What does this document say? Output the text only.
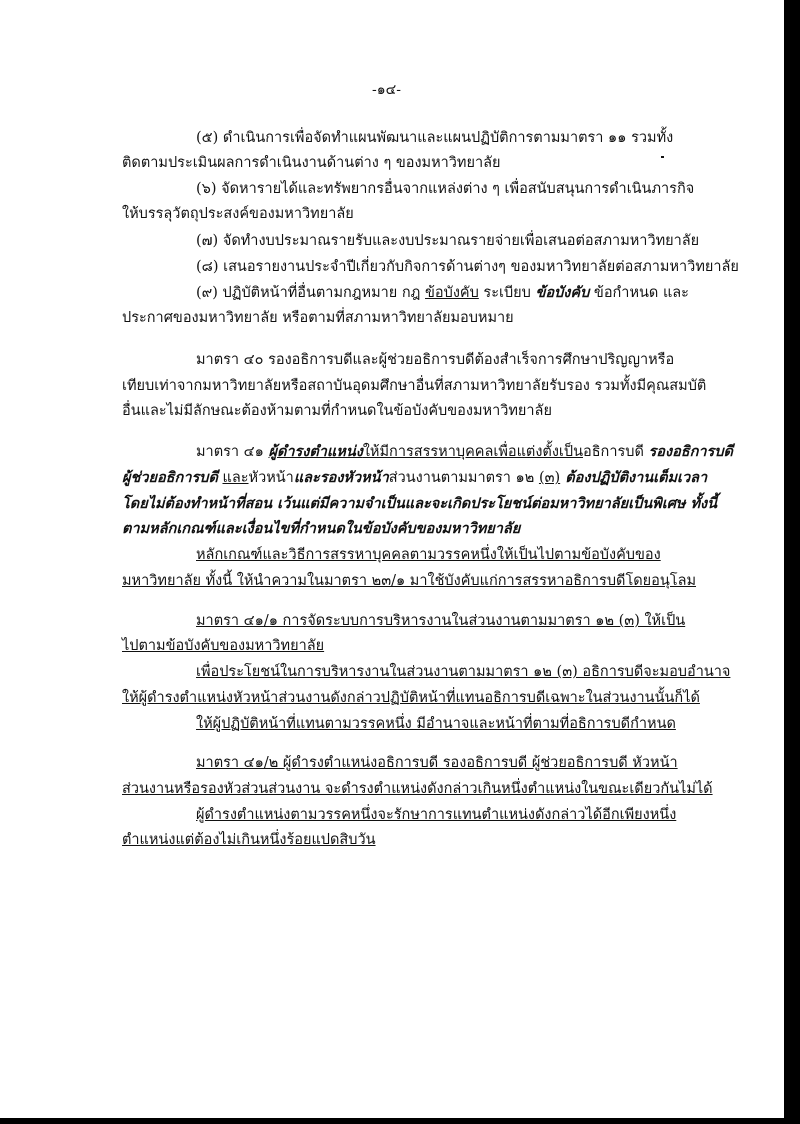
-๑๔-
(๕) ดำเนินการเพื่อจัดทำแผนพัฒนาและแผนปฏิบัติการตามมาตรา ๑๑ รวมทั้ง
ติดตามประเมินผลการดำเนินงานด้านต่าง ๆ ของมหาวิทยาลัย
(๖) จัดหารายได้และทรัพยากรอื่นจากแหล่งต่าง ๆ เพื่อสนับสนุนการดำเนินภารกิจ
ให้บรรลุวัตถุประสงค์ของมหาวิทยาลัย
(๗) จัดทำงบประมาณรายรับและงบประมาณรายจ่ายเพื่อเสนอต่อสภามหาวิทยาลัย
(๘) เสนอรายงานประจำปีเกี่ยวกับกิจการด้านต่างๆ ของมหาวิทยาลัยต่อสภามหาวิทยาลัย
(๙) ปฏิบัติหน้าที่อื่นตามกฎหมาย กฎ ข้อบังคับ ระเบียบ ข้อบังคับ ข้อกำหนด และ
ประกาศของมหาวิทยาลัย หรือตามที่สภามหาวิทยาลัยมอบหมาย
มาตรา ๔๐ รองอธิการบดีและผู้ช่วยอธิการบดีต้องสำเร็จการศึกษาปริญญาหรือ
เทียบเท่าจากมหาวิทยาลัยหรือสถาบันอุดมศึกษาอื่นที่สภามหาวิทยาลัยรับรอง รวมทั้งมีคุณสมบัติ
อื่นและไม่มีลักษณะต้องห้ามตามที่กำหนดในข้อบังคับของมหาวิทยาลัย
มาตรา ๔๑ ผู้ดำรงตำแหน่งให้มีการสรรหาบุคคลเพื่อแต่งตั้งเป็นอธิการบดี รองอธิการบดี
ผู้ช่วยอธิการบดี และหัวหน้าและรองหัวหน้าส่วนงานตามมาตรา ๑๒ (๓) ต้องปฏิบัติงานเต็มเวลา
โดยไม่ต้องทำหน้าที่สอน เว้นแต่มีความจำเป็นและจะเกิดประโยชน์ต่อมหาวิทยาลัยเป็นพิเศษ ทั้งนี้
ตามหลักเกณฑ์และเงื่อนไขที่กำหนดในข้อบังคับของมหาวิทยาลัย
หลักเกณฑ์และวิธีการสรรหาบุคคลตามวรรคหนึ่งให้เป็นไปตามข้อบังคับของ
มหาวิทยาลัย ทั้งนี้ ให้นำความในมาตรา ๒๓/๑ มาใช้บังคับแก่การสรรหาอธิการบดีโดยอนุโลม
มาตรา ๔๑/๑ การจัดระบบการบริหารงานในส่วนงานตามมาตรา ๑๒ (๓) ให้เป็น
ไปตามข้อบังคับของมหาวิทยาลัย
เพื่อประโยชน์ในการบริหารงานในส่วนงานตามมาตรา ๑๒ (๓) อธิการบดีจะมอบอำนาจ
ให้ผู้ดำรงตำแหน่งหัวหน้าส่วนงานดังกล่าวปฏิบัติหน้าที่แทนอธิการบดีเฉพาะในส่วนงานนั้นก็ได้
ให้ผู้ปฏิบัติหน้าที่แทนตามวรรคหนึ่ง มีอำนาจและหน้าที่ตามที่อธิการบดีกำหนด
มาตรา ๔๑/๒ ผู้ดำรงตำแหน่งอธิการบดี รองอธิการบดี ผู้ช่วยอธิการบดี หัวหน้า
ส่วนงานหรือรองหัวส่วนส่วนงาน จะดำรงตำแหน่งดังกล่าวเกินหนึ่งตำแหน่งในขณะเดียวกันไม่ได้
ผู้ดำรงตำแหน่งตามวรรคหนึ่งจะรักษาการแทนตำแหน่งดังกล่าวได้อีกเพียงหนึ่ง
ตำแหน่งแต่ต้องไม่เกินหนึ่งร้อยแปดสิบวัน
